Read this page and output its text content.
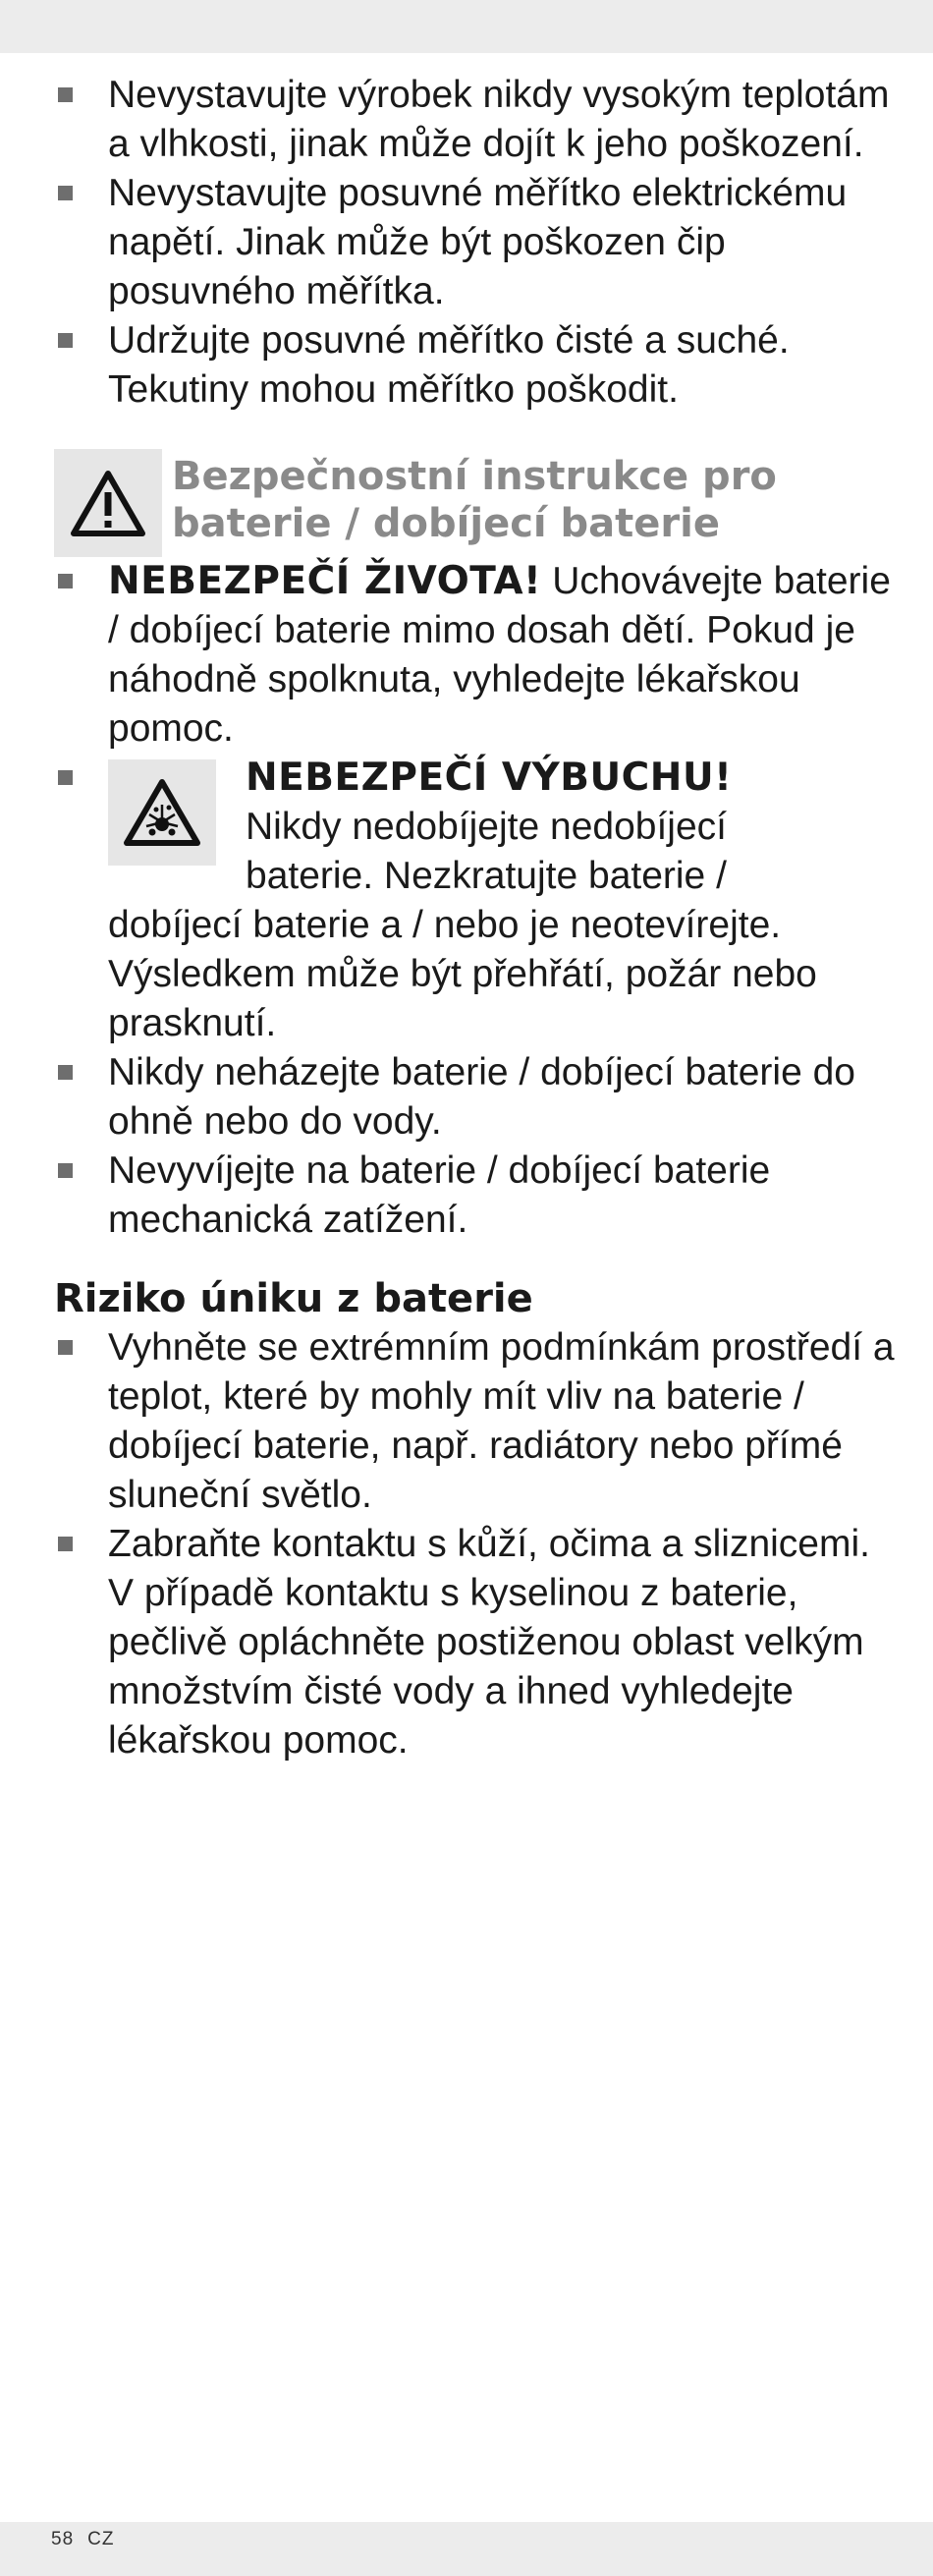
Nevystavujte výrobek nikdy vysokým teplotám a vlhkosti, jinak může dojít k jeho poškození.
Nevystavujte posuvné měřítko elektrickému napětí. Jinak může být poškozen čip posuvného měřítka.
Udržujte posuvné měřítko čisté a suché. Tekutiny mohou měřítko poškodit.
Bezpečnostní instrukce pro baterie / dobíjecí baterie
NEBEZPEČÍ ŽIVOTA! Uchovávejte baterie / dobíjecí baterie mimo dosah dětí. Pokud je náhodně spolknuta, vyhledejte lékařskou pomoc.
NEBEZPEČÍ VÝBUCHU!
Nikdy nedobíjejte nedobíjecí
baterie. Nezkratujte baterie /
dobíjecí baterie a / nebo je neotevírejte. Výsledkem může být přehřátí, požár nebo prasknutí.
Nikdy neházejte baterie / dobíjecí baterie do ohně nebo do vody.
Nevyvíjejte na baterie / dobíjecí baterie mechanická zatížení.
Riziko úniku z baterie
Vyhněte se extrémním podmínkám prostředí a teplot, které by mohly mít vliv na baterie / dobíjecí baterie, např. radiátory nebo přímé sluneční světlo.
Zabraňte kontaktu s kůží, očima a sliznicemi. V případě kontaktu s kyselinou z baterie, pečlivě opláchněte postiženou oblast velkým množstvím čisté vody a ihned vyhledejte lékařskou pomoc.
58 CZ
